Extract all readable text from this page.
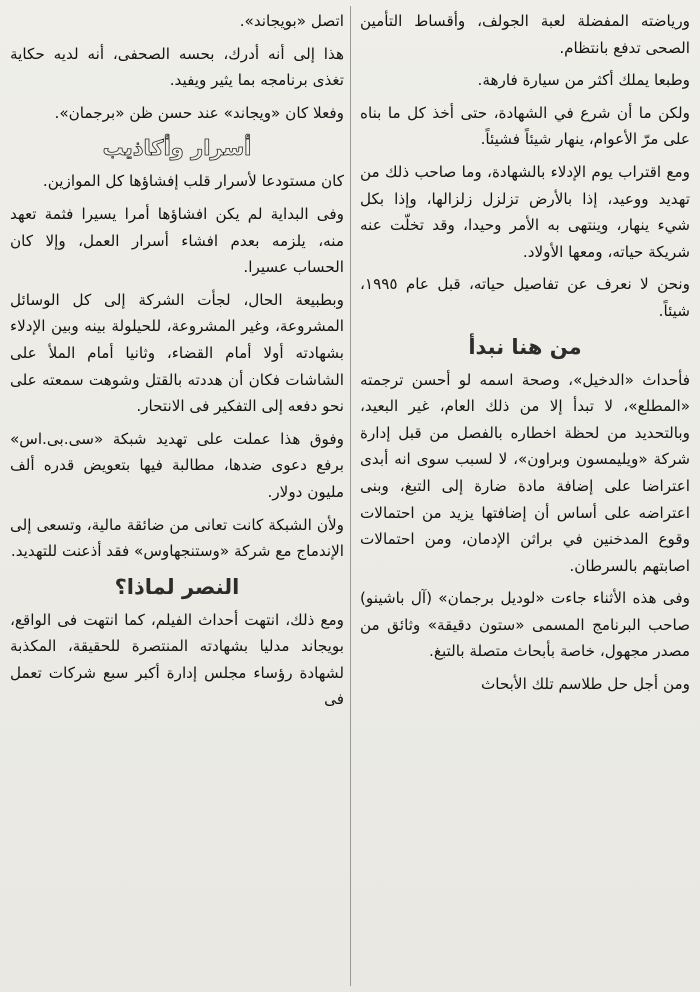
ورياضته المفضلة لعبة الجولف، وأقساط التأمين الصحى تدفع بانتظام.

وطبعا يملك أكثر من سيارة فارهة.

ولكن ما أن شرع في الشهادة، حتى أخذ كل ما بناه على مرّ الأعوام، ينهار شيئاً فشيئاً.

ومع اقتراب يوم الإدلاء بالشهادة، وما صاحب ذلك من تهديد ووعيد، إذا بالأرض تزلزل زلزالها، وإذا بكل شيء ينهار، وينتهى به الأمر وحيدا، وقد تخلّت عنه شريكة حياته، ومعها الأولاد.

ونحن لا نعرف عن تفاصيل حياته، قبل عام ١٩٩٥، شيئاً.

من هنا نبدأ

فأحداث «الدخيل»، وصحة اسمه لو أحسن ترجمته «المطلع»، لا تبدأ إلا من ذلك العام، غير البعيد، وبالتحديد من لحظة اخطاره بالفصل من قبل إدارة شركة «ويليمسون وبراون»، لا لسبب سوى انه أبدى اعتراضا على إضافة مادة ضارة إلى التبغ، وبنى اعتراضه على أساس أن إضافتها يزيد من احتمالات وقوع المدخنين في براثن الإدمان، ومن احتمالات اصابتهم بالسرطان.

وفى هذه الأثناء جاءت «لوديل برجمان» (آل باشينو) صاحب البرنامج المسمى «ستون دقيقة» وثائق من مصدر مجهول، خاصة بأبحاث متصلة بالتبغ.

ومن أجل حل طلاسم تلك الأبحاث

اتصل «بويجاند».

هذا إلى أنه أدرك، بحسه الصحفى، أنه لديه حكاية تغذى برنامجه بما يثير ويفيد.

وفعلا كان «ويجاند» عند حسن ظن «برجمان».

أسرار وأكاذيب

كان مستودعا لأسرار قلب إفشاؤها كل الموازين.

وفى البداية لم يكن افشاؤها أمرا يسيرا فثمة تعهد منه، يلزمه بعدم افشاء أسرار العمل، وإلا كان الحساب عسيرا.

وبطبيعة الحال، لجأت الشركة إلى كل الوسائل المشروعة، وغير المشروعة، للحيلولة بينه وبين الإدلاء بشهادته أولا أمام القضاء، وثانيا أمام الملأ على الشاشات فكان أن هددته بالقتل وشوهت سمعته على نحو دفعه إلى التفكير فى الانتحار.

وفوق هذا عملت على تهديد شبكة «سى.بى.اس» برفع دعوى ضدها، مطالبة فيها بتعويض قدره ألف مليون دولار.

ولأن الشبكة كانت تعانى من ضائقة مالية، وتسعى إلى الإندماج مع شركة «وستنجهاوس» فقد أذعنت للتهديد.

النصر لماذا؟

ومع ذلك، انتهت أحداث الفيلم، كما انتهت فى الواقع، بويجاند مدليا بشهادته المنتصرة للحقيقة، المكذبة لشهادة رؤساء مجلس إدارة أكبر سبع شركات تعمل فى
